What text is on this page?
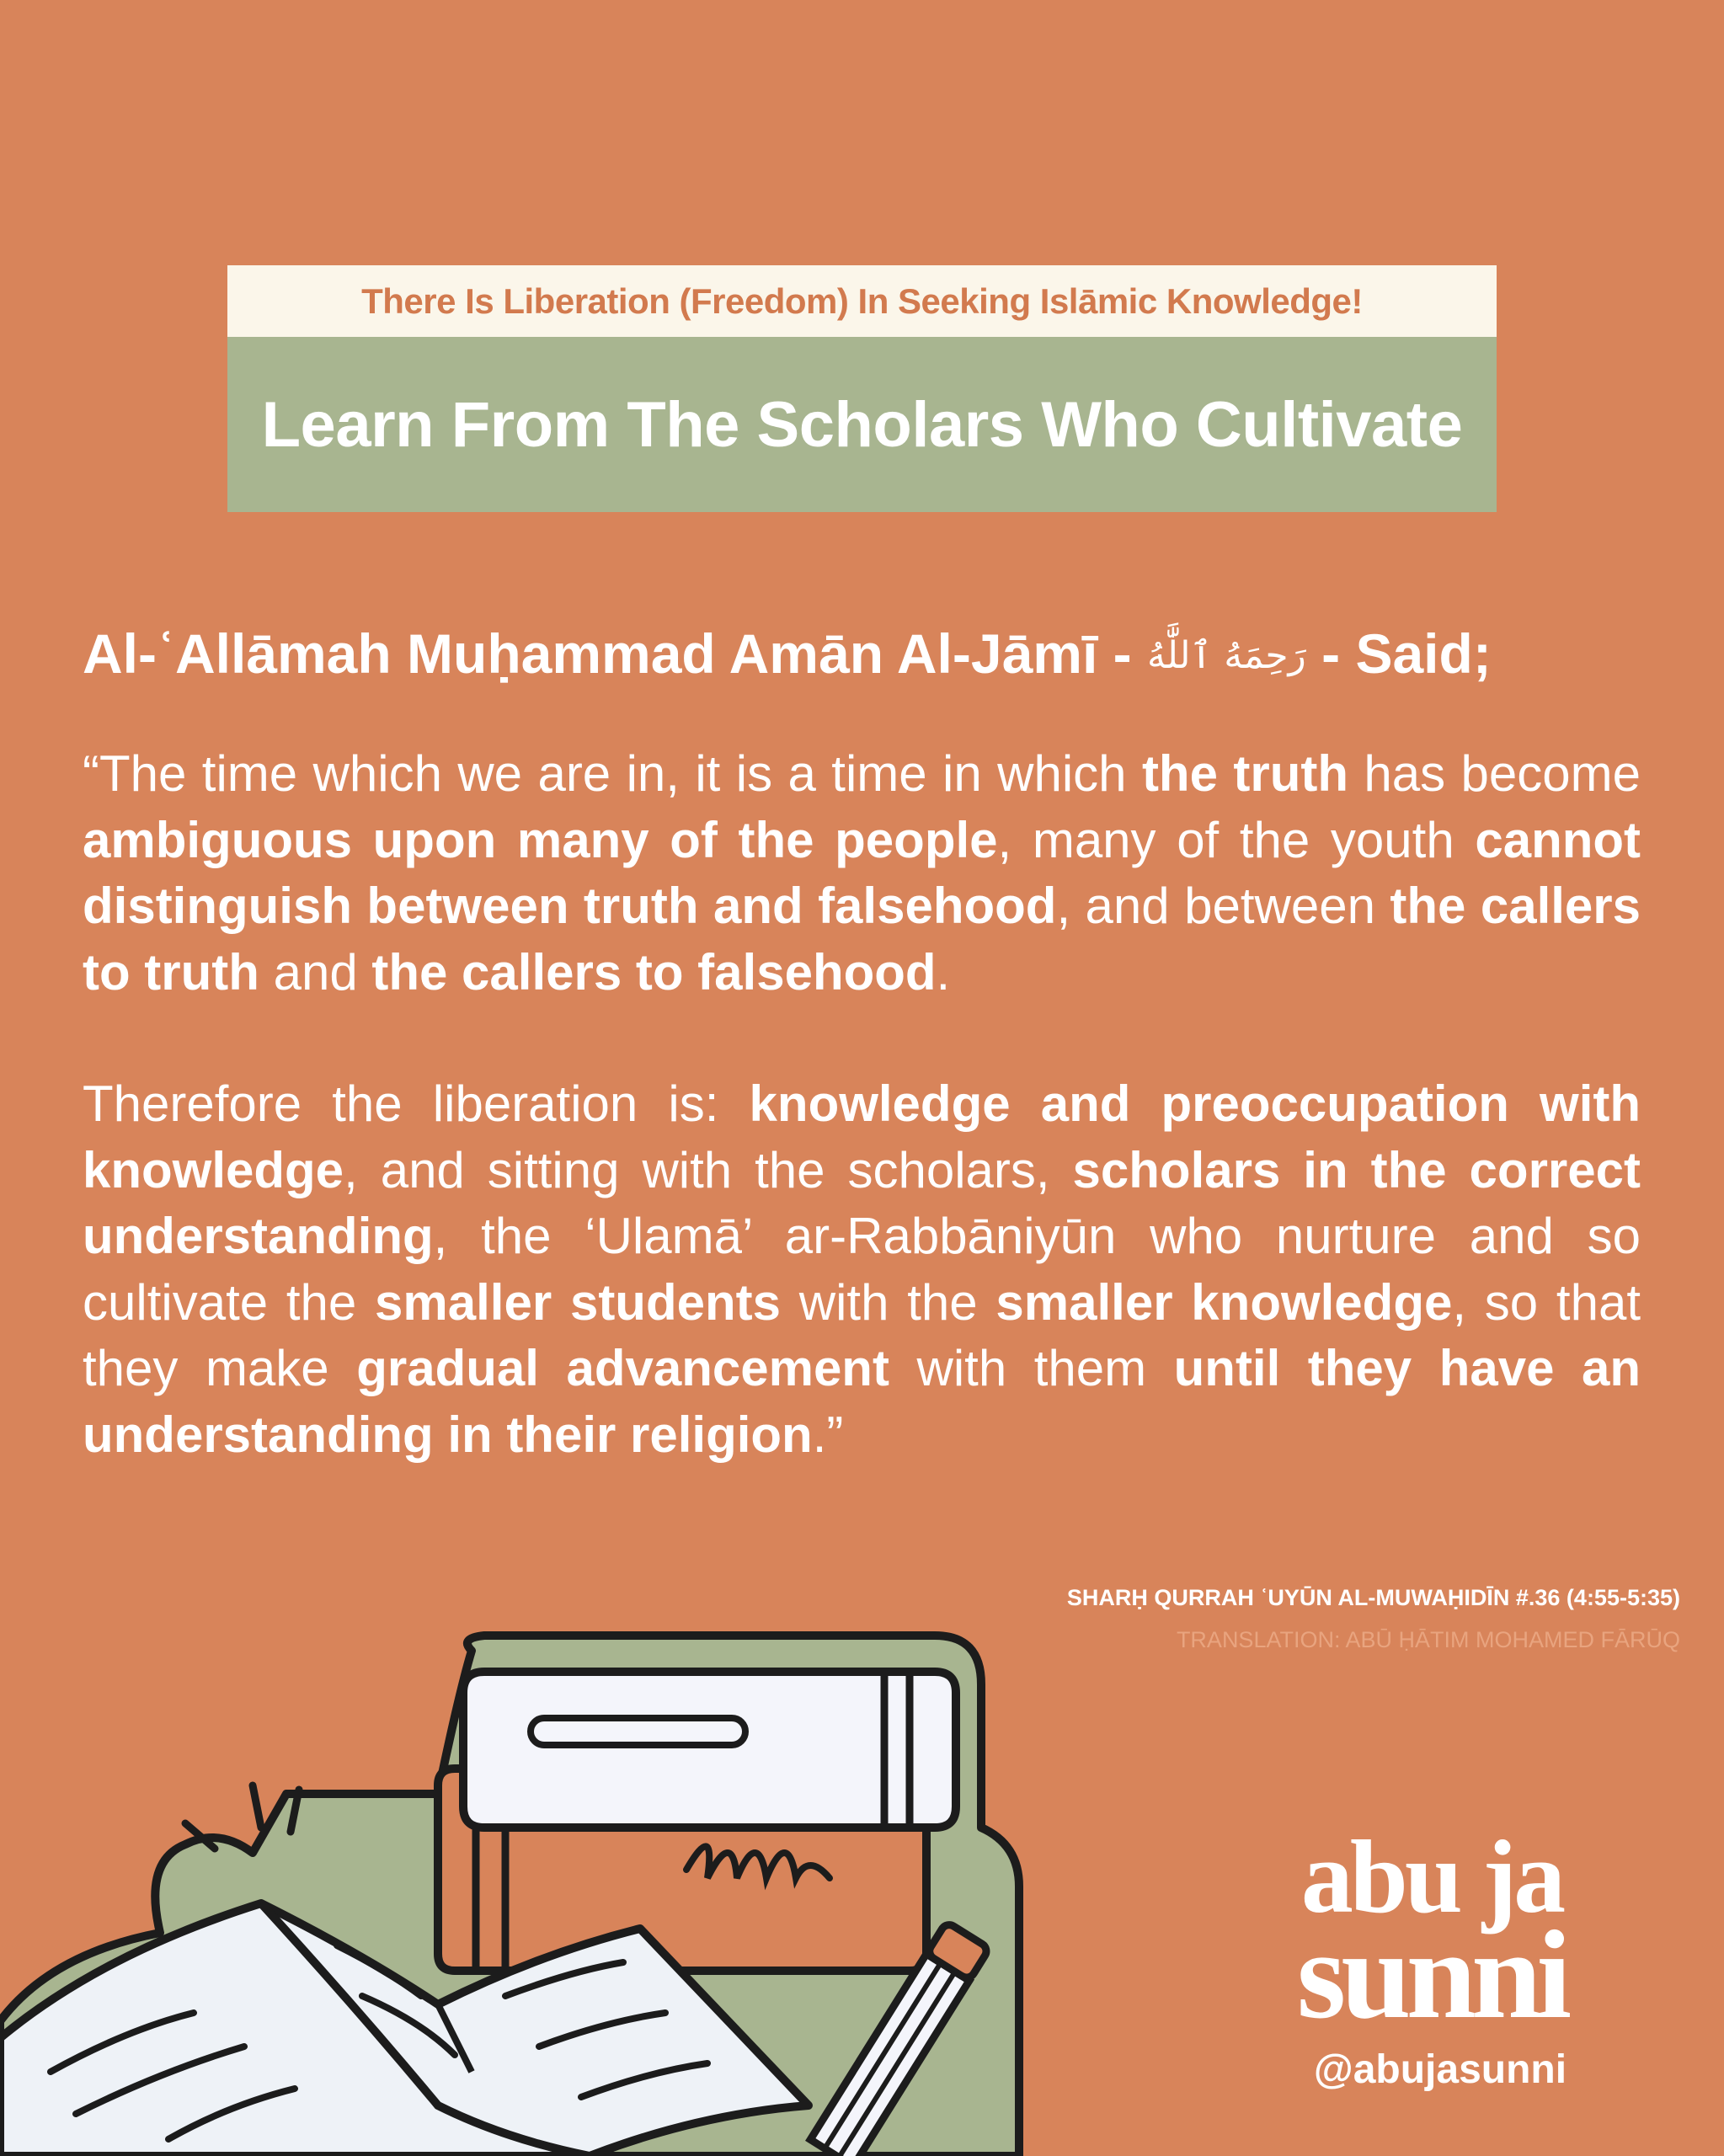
There Is Liberation (Freedom) In Seeking Islāmic Knowledge!
Learn From The Scholars Who Cultivate
Al-ʿAllāmah Muḥammad Amān Al-Jāmī - رَحِمَهُ ٱللَّٰهُ - Said;

“The time which we are in, it is a time in which the truth has become ambiguous upon many of the people, many of the youth cannot distinguish between truth and falsehood, and between the callers to truth and the callers to falsehood.

Therefore the liberation is: knowledge and preoccupation with knowledge, and sitting with the scholars, scholars in the correct understanding, the ‘Ulamā’ ar-Rabbāniyūn who nurture and so cultivate the smaller students with the smaller knowledge, so that they make gradual advancement with them until they have an understanding in their religion.”

SHARḤ QURRAH ʿUYŪN AL-MUWAḤIDĪN #.36 (4:55-5:35)
TRANSLATION: ABŪ ḤĀTIM MOHAMED FĀRŪQ
abu ja
sunni
@abujasunni
